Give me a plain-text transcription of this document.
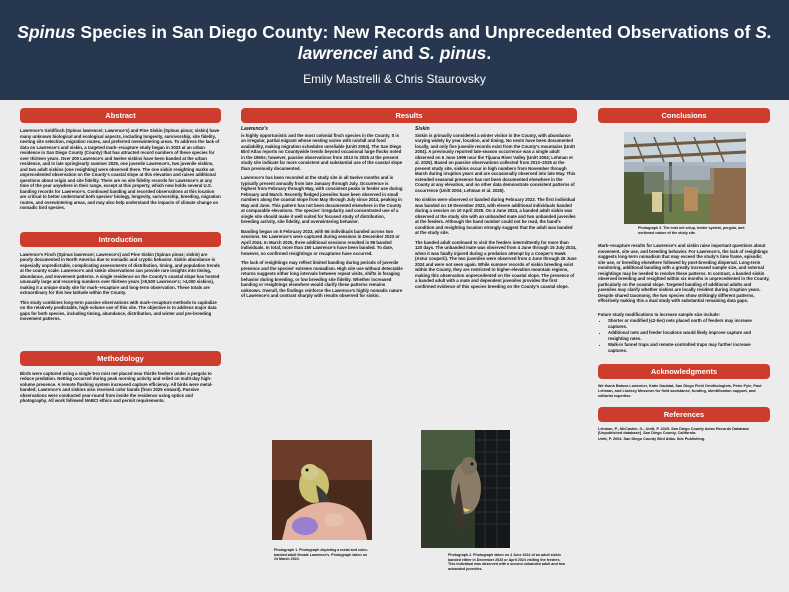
Spinus Species in San Diego County: New Records and Unprecedented Observations of S. lawrencei and S. pinus.
Emily Mastrelli & Chris Staurovsky
Abstract

Lawrence's Goldfinch (Spinus lawrencei; Lawrence's) and Pine Siskin (Spinus pinus; siskin) have many unknown biological and ecological aspects, including longevity, survivorship, site fidelity, nesting site selection, migration routes, and preferred overwintering areas. To address the lack of data on Lawrence's and siskin, a targeted mark–recapture study began in 2023 at an urban residence in San Diego County (County) that has attracted record numbers of these species for over thirteen years. Over 200 Lawrence's and twelve siskins have been banded at the urban residence, and in late spring/early summer 2025, one juvenile Lawrence's, two juvenile siskins, and two adult siskins (one resighting) were observed there. The one siskin resighting marks an unprecedented observation on the County's coastal slope at this elevation and raises additional questions about origin and site fidelity. There are no site fidelity records for Lawrence's at any time of the year anywhere in their range, except at this property, which now holds several U.S. banding records for Lawrence's. Continued banding and recorded observations at this location are critical to better understand both species' biology, longevity, survivorship, breeding, migration routes, and overwintering areas, and may also help understand the impacts of climate change on nomadic bird species.

Introduction

Lawrence's Finch (Spinus lawrencei; Lawrence's) and Pine Siskin (Spinus pinus; siskin) are poorly documented in North America due to nomadic and cryptic behavior. Siskin abundance is especially unpredictable, complicating assessments of distribution, timing, and population trends at the county scale. Lawrence's and siskin observations can provide rare insights into timing, abundance, and movement patterns. A single residence on the County's coastal slope has hosted unusually large and recurring numbers over thirteen years (>8,500 Lawrence's; >4,000 siskins), making it a unique study site for mark–recapture and long-term observation. These totals are extraordinary for this low latitude within the County.

This study combines long-term passive observations with mark–recapture methods to capitalize on the relatively predictable, high-volume use of this site. The objective is to address major data gaps for both species, including timing, abundance, distribution, and winter and pre-breeding movement patterns.

Methodology

Birds were captured using a single 9-m mist net placed near thistle feeders under a pergola to reduce predation. Netting occurred during peak morning activity and relied on multi-day high-volume presence. A remote flushing system increased capture efficiency. All birds were metal-banded; Lawrence's and siskins also received color bands (from 2025 onward). Passive observations were conducted year-round from inside the residence using optics and photography. All work followed NABCI ethics and permit requirements.

Results
Lawrence's

is highly opportunistic and the most colonial finch species in the County. It is an irregular, partial migrant whose nesting varies with rainfall and food availability, making migration schedules unreliable (Unitt 2004). The San Diego Bird Atlas reports no Countywide trends beyond occasional large flocks noted in the 1960s; however, passive observations from 2013 to 2025 at the present study site indicate far more consistent and substantial use of the coastal slope than previously documented.

Lawrence's has been recorded at the study site in all twelve months and is typically present annually from late January through July. Occurrence is highest from February through May, with consistent peaks in feeder use during February and March. Recently fledged juveniles have been observed in small numbers along the coastal slope from May through July since 2014, peaking in May and June. This pattern has not been documented elsewhere in the County at comparable elevations. The species' irregularity and concentrated use of a single site should make it well suited for focused study of distribution, breeding activity, site fidelity, and overwintering behavior.

Banding began on 5 February 2023, with 66 individuals banded across two sessions. No Lawrence's were captured during sessions in December 2023 or April 2024. In March 2025, three additional sessions resulted in 88 banded individuals. In total, more than 150 Lawrence's have been banded. To date, however, no confirmed resightings or recaptures have occurred.

The lack of resightings may reflect limited banding during periods of juvenile presence and the species' extreme nomadism. High site use without detectable returns suggests either long intervals between repeat visits, shifts in foraging behavior during breeding, or low breeding site fidelity. Whether increased banding or resightings elsewhere would clarify these patterns remains unknown. Overall, the findings reinforce the Lawrence's highly nomadic nature of Lawrence's and contrast sharply with results observed for siskin.

Siskin

Siskin is primarily considered a winter visitor in the County, with abundance varying widely by year, location, and timing. No nests have been documented locally, and only five juvenile records exist from the County's mountains (Unitt 2004). A previously reported late-season occurrence was a single adult observed on 6 June 1999 near the Tijuana River Valley (Unitt 2004; Lehman et al. 2025). Based on passive observations collected from 2013–2025 at the present study site, siskins occur in high numbers from November through March during irruption years and are occasionally observed into late May. This extended seasonal presence has not been documented elsewhere in the County at any elevation, and no other data demonstrate consistent patterns of occurrence (Unitt 2004; Lehman et al. 2025).

No siskins were observed or banded during February 2023. The first individual was banded on 19 December 2023, with eleven additional individuals banded during a session on 10 April 2025. On 4 June 2024, a banded adult siskin was observed at the study site with an unbanded mate and two unbanded juveniles at the feeders. Although the band number could not be read, the band's condition and resighting location strongly suggest that the adult was banded at the study site.

The banded adult continued to visit the feeders intermittently for more than 120 days. The unbanded mate was observed from 4 June through 15 July 2024, when it was fatally injured during a predation attempt by a Cooper's Hawk (Astur cooperii). The two juveniles were observed from 4 June through 26 June 2024 and were not seen again. While summer records of siskin breeding exist within the County, they are restricted to higher-elevation mountain regions, making this observation unprecedented on the coastal slope. The presence of a banded adult with a mate and dependent juveniles provides the first confirmed evidence of this species breeding on the County's coastal slope.

Photograph 1. Photograph depicting a metal and color-banded adult female Lawrence's. Photograph taken on 24 March 2024.
Photograph 2. Photograph taken on 4 June 2024 of an adult siskin banded either in December 2023 or April 2024 visiting the feeders. This individual was observed with a second unbanded adult and two unbanded juveniles.
Conclusions
Photograph 3. The mist net setup, feeder system, pergola, and northeast nature of the study site.

Mark–recapture results for Lawrence's and siskin raise important questions about movement, site use, and breeding behavior. For Lawrence's, the lack of resightings suggests long-term nomadism that may exceed the study's time frame, episodic site use, or breeding elsewhere followed by post-breeding dispersal. Long-term monitoring, additional banding with a greatly increased sample size, and external resightings may be needed to resolve these patterns. In contrast, a banded siskin observed breeding and resighted within six months is unprecedented in the County, particularly on the coastal slope. Targeted banding of additional adults and juveniles may clarify whether siskins are locally resident during irruption years. Despite shared taxonomy, the two species show strikingly different patterns, effectively making this a dual study with substantial remaining data gaps.

Future study modifications to increase sample size include:

• Shorter or modified (≤2-tier) nets placed north of feeders may increase captures.
• Additional nets and feeder locations would likely improve capture and resighting rates.
• Walk-in funnel traps and remote-controlled traps may further increase captures.
Acknowledgments

We thank Batsea Lowecher, Katie Daublat, San Diego Field Ornithologists, Peter Pyle, Paul Lehman, and Lindsey Messmer for field assistance, funding, identification support, and editorial expertise.

References

Lehman, P., McCaskie, G., Unitt, P. 2025. San Diego County Avian Records Database [Unpublished database]. San Diego County, California.

Unitt, P. 2004. San Diego County Bird Atlas. Ibis Publishing.
